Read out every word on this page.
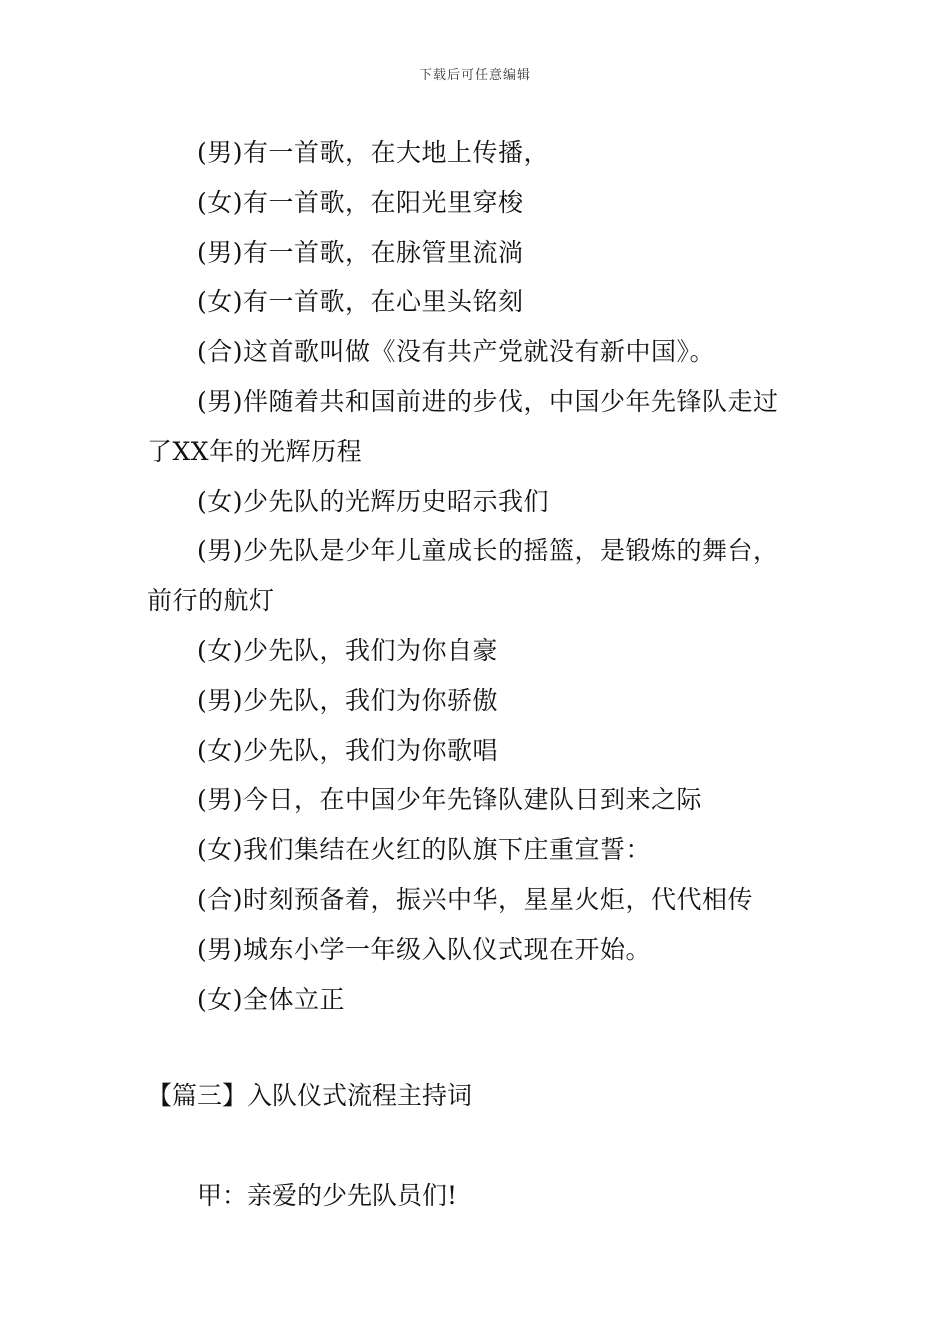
下载后可任意编辑
(男)有一首歌，在大地上传播，
(女)有一首歌，在阳光里穿梭
(男)有一首歌，在脉管里流淌
(女)有一首歌，在心里头铭刻
(合)这首歌叫做《没有共产党就没有新中国》。
(男)伴随着共和国前进的步伐，中国少年先锋队走过
了XX年的光辉历程
(女)少先队的光辉历史昭示我们
(男)少先队是少年儿童成长的摇篮，是锻炼的舞台，
前行的航灯
(女)少先队，我们为你自豪
(男)少先队，我们为你骄傲
(女)少先队，我们为你歌唱
(男)今日，在中国少年先锋队建队日到来之际
(女)我们集结在火红的队旗下庄重宣誓：
(合)时刻预备着，振兴中华，星星火炬，代代相传
(男)城东小学一年级入队仪式现在开始。
(女)全体立正
【篇三】入队仪式流程主持词
甲：亲爱的少先队员们!
